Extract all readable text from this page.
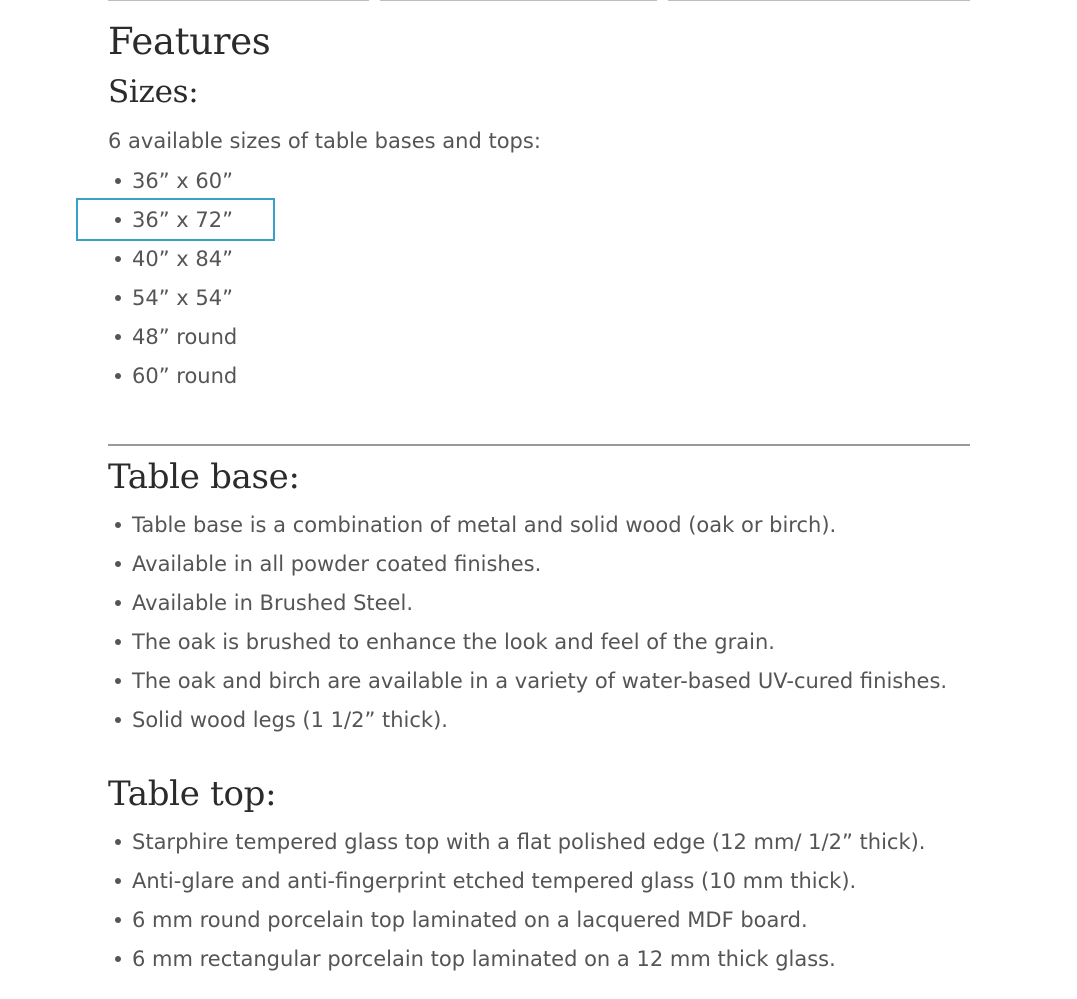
Features
Sizes:

6 available sizes of table bases and tops:

36” x 60”
36” x 72”
40” x 84”
54” x 54”
48” round
60” round
Table base:
Table base is a combination of metal and solid wood (oak or birch).
Available in all powder coated finishes.
Available in Brushed Steel.
The oak is brushed to enhance the look and feel of the grain.
The oak and birch are available in a variety of water-based UV-cured finishes.
Solid wood legs (1 1/2” thick).
Table top:
Starphire tempered glass top with a flat polished edge (12 mm/ 1/2” thick).
Anti-glare and anti-fingerprint etched tempered glass (10 mm thick).
6 mm round porcelain top laminated on a lacquered MDF board.
6 mm rectangular porcelain top laminated on a 12 mm thick glass.
